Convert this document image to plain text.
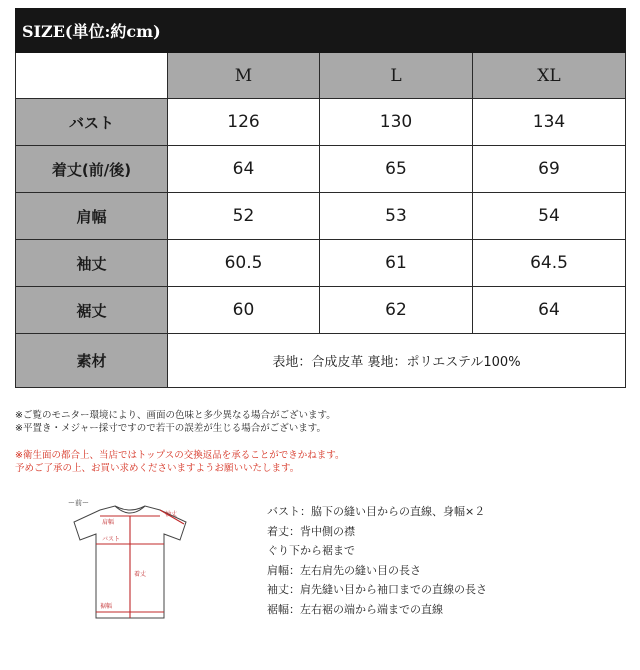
SIZE(単位:約cm)			
	M	L	XL
バスト	126	130	134
着丈(前/後)	64	65	69
肩幅	52	53	54
袖丈	60.5	61	64.5
裾丈	60	62	64
素材	表地：合成皮革 裏地：ポリエステル100%		
※ご覧のモニター環境により、画面の色味と多少異なる場合がございます。
※平置き・メジャー採寸ですので若干の誤差が生じる場合がございます。
※衛生面の都合上、当店ではトップスの交換返品を承ることができかねます。
予めご了承の上、お買い求めくださいますようお願いいたします。
ー前ー
肩幅
袖丈
バスト
着丈
裾幅
バスト：脇下の縫い目からの直線、身幅×２
着丈：背中側の襟
ぐり下から裾まで
肩幅：左右肩先の縫い目の長さ
袖丈：肩先縫い目から袖口までの直線の長さ
裾幅：左右裾の端から端までの直線
